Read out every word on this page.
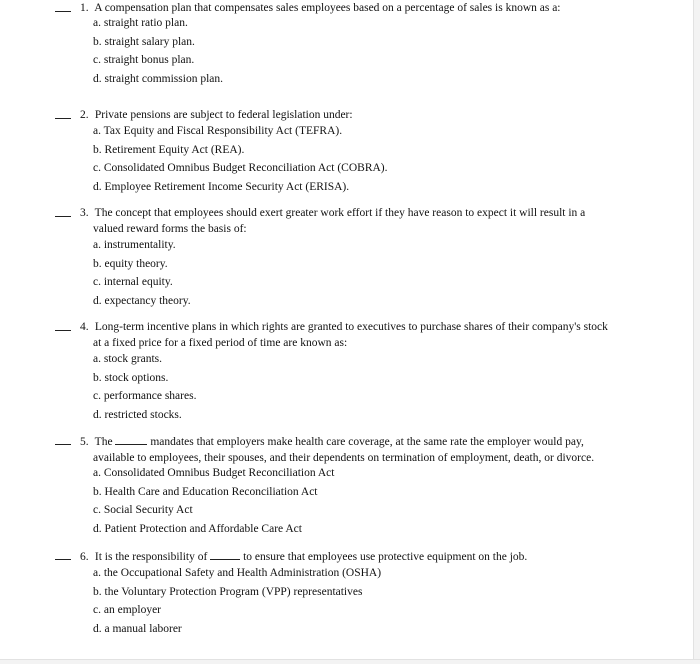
1. A compensation plan that compensates sales employees based on a percentage of sales is known as a:
a. straight ratio plan.
b. straight salary plan.
c. straight bonus plan.
d. straight commission plan.
2. Private pensions are subject to federal legislation under:
a. Tax Equity and Fiscal Responsibility Act (TEFRA).
b. Retirement Equity Act (REA).
c. Consolidated Omnibus Budget Reconciliation Act (COBRA).
d. Employee Retirement Income Security Act (ERISA).
3. The concept that employees should exert greater work effort if they have reason to expect it will result in a
valued reward forms the basis of:
a. instrumentality.
b. equity theory.
c. internal equity.
d. expectancy theory.
4. Long-term incentive plans in which rights are granted to executives to purchase shares of their company's stock
at a fixed price for a fixed period of time are known as:
a. stock grants.
b. stock options.
c. performance shares.
d. restricted stocks.
5. The	mandates that employers make health care coverage, at the same rate the employer would pay,
available to employees, their spouses, and their dependents on termination of employment, death, or divorce.
a. Consolidated Omnibus Budget Reconciliation Act
b. Health Care and Education Reconciliation Act
c. Social Security Act
d. Patient Protection and Affordable Care Act
6. It is the responsibility of	to ensure that employees use protective equipment on the job.
a. the Occupational Safety and Health Administration (OSHA)
b. the Voluntary Protection Program (VPP) representatives
c. an employer
d. a manual laborer
